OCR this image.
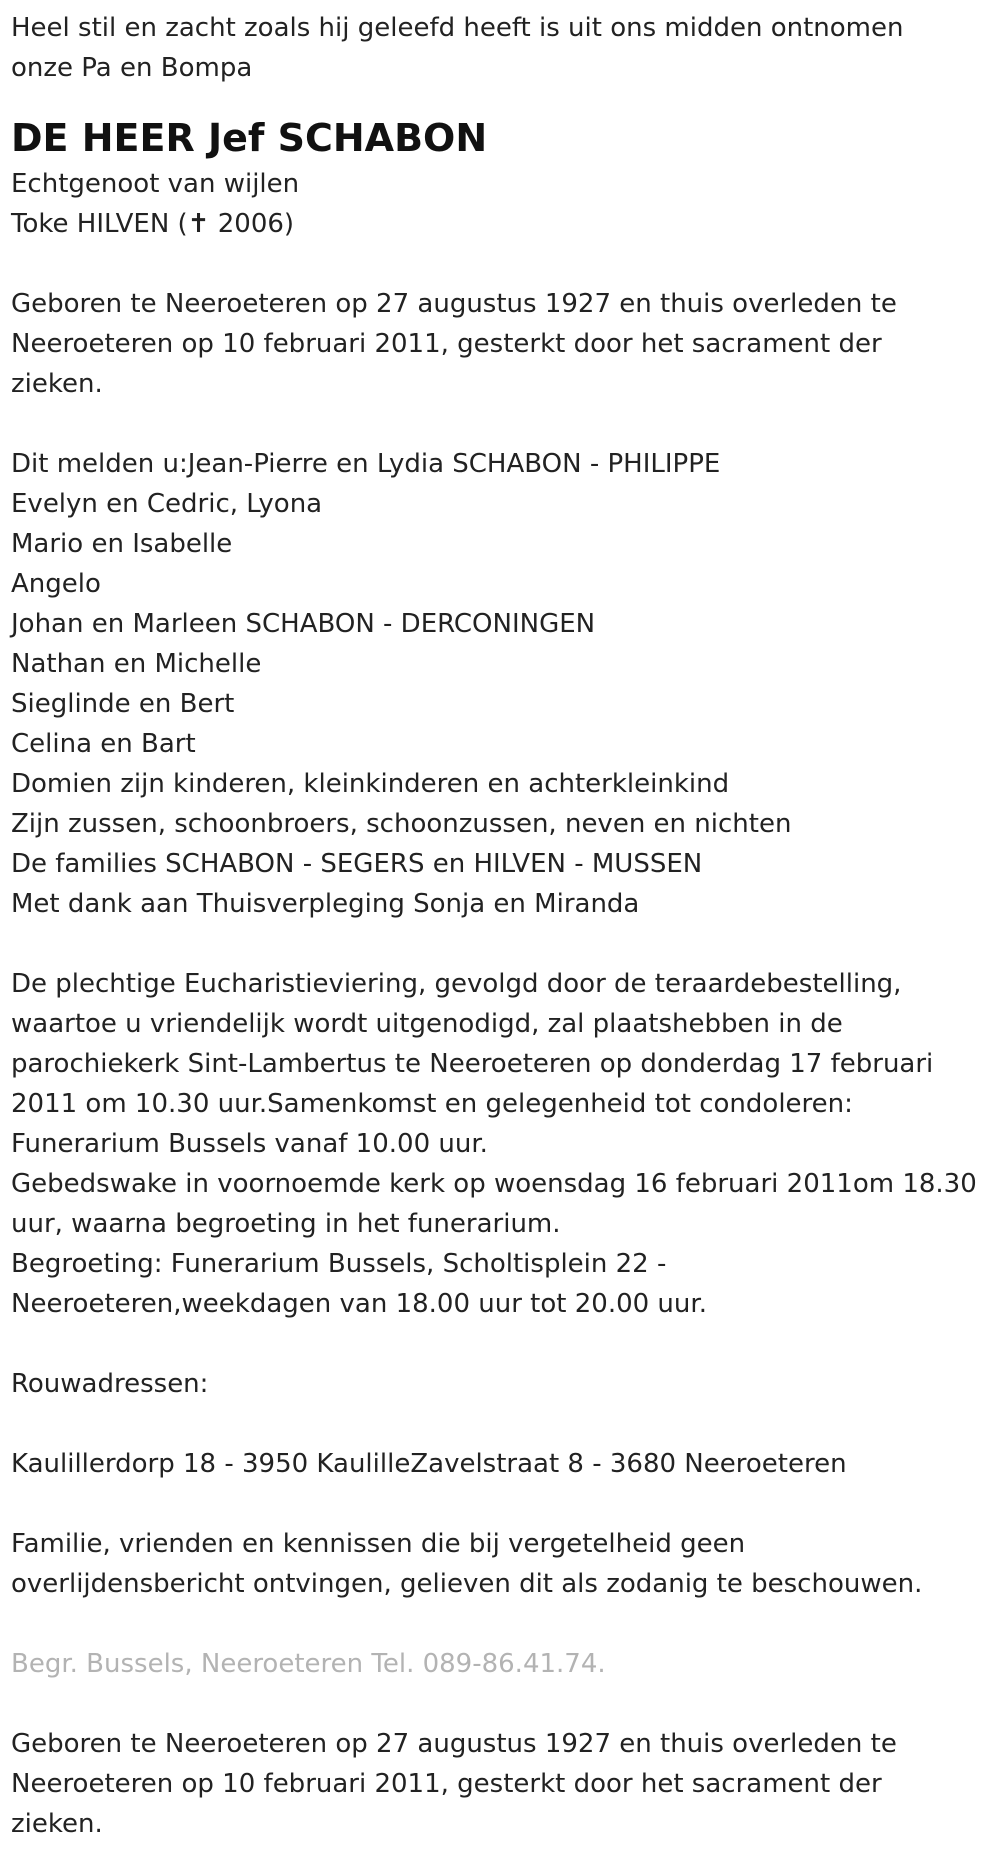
Heel stil en zacht zoals hij geleefd heeft is uit ons midden ontnomen
onze Pa en Bompa
DE HEER Jef SCHABON
Echtgenoot van wijlen
Toke HILVEN (✝ 2006)
Geboren te Neeroeteren op 27 augustus 1927 en thuis overleden te
Neeroeteren op 10 februari 2011, gesterkt door het sacrament der
zieken.
Dit melden u:Jean-Pierre en Lydia SCHABON - PHILIPPE
Evelyn en Cedric, Lyona
Mario en Isabelle
Angelo
Johan en Marleen SCHABON - DERCONINGEN
Nathan en Michelle
Sieglinde en Bert
Celina en Bart
Domien zijn kinderen, kleinkinderen en achterkleinkind
Zijn zussen, schoonbroers, schoonzussen, neven en nichten
De families SCHABON - SEGERS en HILVEN - MUSSEN
Met dank aan Thuisverpleging Sonja en Miranda
De plechtige Eucharistieviering, gevolgd door de teraardebestelling,
waartoe u vriendelijk wordt uitgenodigd, zal plaatshebben in de
parochiekerk Sint-Lambertus te Neeroeteren op donderdag 17 februari
2011 om 10.30 uur.Samenkomst en gelegenheid tot condoleren:
Funerarium Bussels vanaf 10.00 uur.
Gebedswake in voornoemde kerk op woensdag 16 februari 2011om 18.30
uur, waarna begroeting in het funerarium.
Begroeting: Funerarium Bussels, Scholtisplein 22 -
Neeroeteren,weekdagen van 18.00 uur tot 20.00 uur.
Rouwadressen:
Kaulillerdorp 18 - 3950 KaulilleZavelstraat 8 - 3680 Neeroeteren
Familie, vrienden en kennissen die bij vergetelheid geen
overlijdensbericht ontvingen, gelieven dit als zodanig te beschouwen.
Begr. Bussels, Neeroeteren Tel. 089-86.41.74.
Geboren te Neeroeteren op 27 augustus 1927 en thuis overleden te
Neeroeteren op 10 februari 2011, gesterkt door het sacrament der
zieken.
